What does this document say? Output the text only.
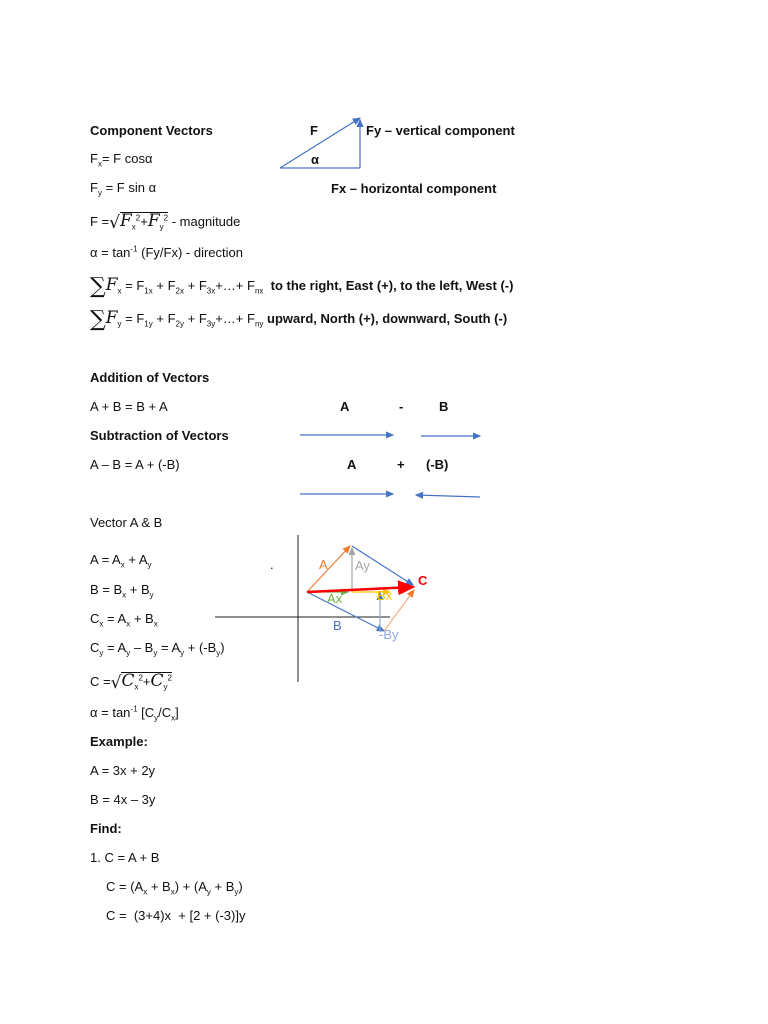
Component Vectors
$F_x= F$ cosα
$F_y = F$ sin α
$F =√F_x^2+F_y^2$ - magnitude
$\alpha = \tan^{-1} (Fy/Fx)$ - direction
$\sum F_x = F_{1x} + F_{2x}$ + $F_{3x}+\dots+ F_{nx}$ to the right, East (+), to the left, West (-)
$\sum F_y = F_{1y} + F_{2y}$ + $F_{3y}+\dots+ F_{ny}$ upward, North (+), downward, South (-)
F
α
Fy – vertical component
Fx – horizontal component
Addition of Vectors
A + B = B + A
Subtraction of Vectors
A – B = A + (-B)
A	-	B
A	+ (-B)
Vector A & B
$A = A_x + A_y$
$B = B_x + B_y$
$C_x = A_x + B_x$
$C_y = A_y - B_y = A_y + (-B_y)$
$C =√C_x^2+C_y^2$
$\alpha = \tan^{-1} [C_y/C_x]$
A Ay
Ax	Bx
B
-By
C
.
Example:
A = 3x + 2y
B = 4x – 3y
Find:
1. C = A + B
$C = (A_x + B_x) + (A_y + B_y)$
C =  (3+4)x  + [2 + (-3)]y
